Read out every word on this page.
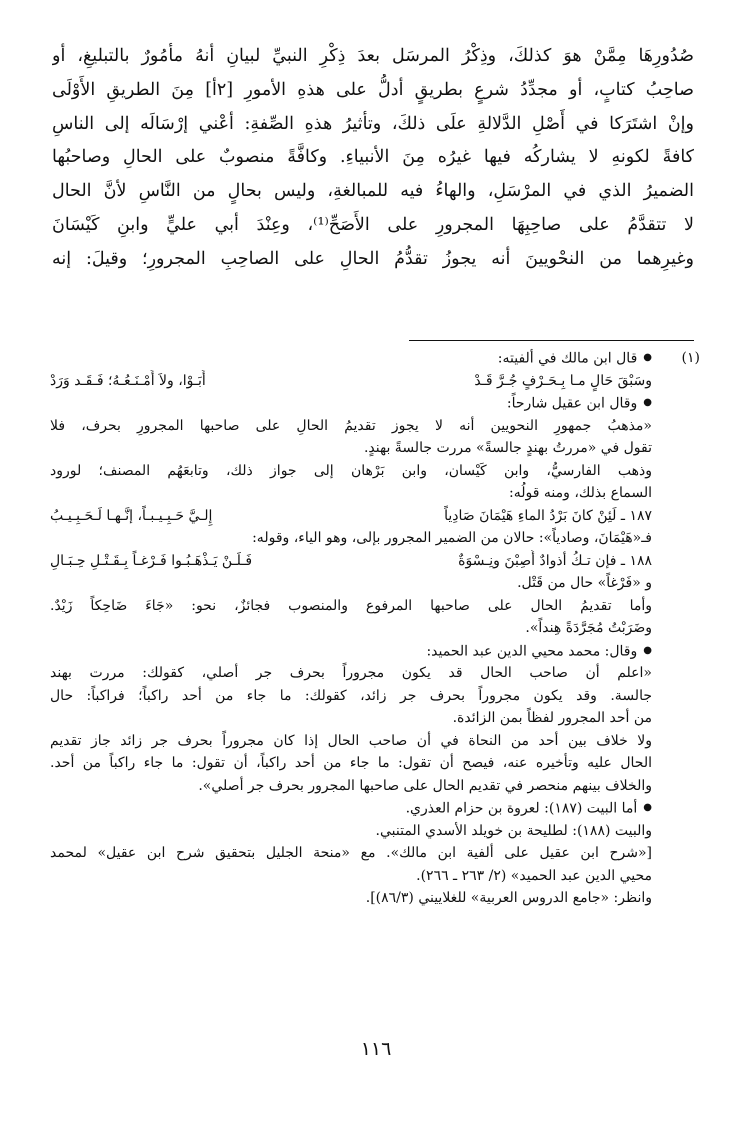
صُدُورِهَا مِمَّنْ هوَ كذلكَ، وذِكْرُ المرسَل بعدَ ذِكْرِ النبيِّ لبيانِ أنهُ مأمُورٌ بالتبليغِ، أو
صاحِبُ كتابٍ، أو مجدِّدُ شرعٍ بطريقٍ أدلُّ على هذهِ الأمورِ [٢أ] مِنَ الطريقِ الأَوْلَى
وإنْ اشتَرَكا في أَصْلِ الدَّلالةِ علَى ذلكَ، وتأثيرُ هذهِ الصِّفةِ: أعْني إرْسَالَه إلى الناسِ
كافةً لكونهِ لا يشاركُه فيها غيرُه مِنَ الأنبياءِ. وكافَّةً منصوبٌ على الحالِ وصاحبُها
الضميرُ الذي في المرْسَلِ، والهاءُ فيه للمبالغةِ، وليس بحالٍ من النَّاسِ لأنَّ الحال
لا تتقدَّمُ على صاحِبِهَا المجرورِ على الأَصَحِّ⁽¹⁾، وعِنْدَ أبي عليٍّ وابنِ كَيْسَانَ
وغيرِهما من النحْويينَ أنه يجوزُ تقدُّمُ الحالِ على الصاحِبِ المجرورِ؛ وقيلَ: إنه
(١)●قال ابن مالك في ألفيته:
وسَبْقَ حَالٍ مـا بِـحَـرْفٍ جُـرَّ قَـدْ
أَبَـوْا، ولاَ أَمْـنَـعُـهُ؛ فَـقَـد وَرَدْ
●وقال ابن عقيل شارحاً:
«مذهبُ جمهورِ النحويين أنه لا يجوز تقديمُ الحالِ على صاحبها المجرورِ بحرف، فلا
تقول في «مررتُ بهندٍ جالسةً» مررت جالسةً بهندٍ.
وذهب الفارسيُّ، وابن كَيْسان، وابن بَرْهان إلى جواز ذلك، وتابعَهُم المصنف؛ لورود
السماع بذلك، ومنه قولُه:
١٨٧ ـ لَئِنْ كانَ بَرْدُ الماءِ هَيْمَانَ صَادِياً
إِلـيَّ حَـبِـيـبـاً، إنَّـهـا لَـحَـبِـيـبُ
فـ«هَيْمَانَ، وصادياً»: حالان من الضمير المجرور بإلى، وهو الياء، وقوله:
١٨٨ ـ فإن تـكُ أذوادٌ أُصِبْنَ ونِـسْوَةٌ
فَـلَـنْ يَـذْهَـبُـوا فَـرْغـاً بِـقَـتْـلِ حِـبَـالِ
و «فَرْغاً» حال من قَتْل.
وأما تقديمُ الحال على صاحبها المرفوع والمنصوب فجائزٌ، نحو: «جَاءَ ضَاحِكاً زَيْدٌ.
وضَرَبْتُ مُجَرَّدَةً هِنداً».
●وقال: محمد محيي الدين عبد الحميد:
«اعلم أن صاحب الحال قد يكون مجروراً بحرف جر أصلي، كقولك: مررت بهند
جالسة. وقد يكون مجروراً بحرف جر زائد، كقولك: ما جاء من أحد راكباً؛ فراكباً: حال
من أحد المجرور لفظاً بمن الزائدة.
ولا خلاف بين أحد من النحاة في أن صاحب الحال إذا كان مجروراً بحرف جر زائد جاز تقديم
الحال عليه وتأخيره عنه، فيصح أن تقول: ما جاء من أحد راكباً، أن تقول: ما جاء راكباً من أحد.
والخلاف بينهم منحصر في تقديم الحال على صاحبها المجرور بحرف جر أصلي».
●أما البيت (١٨٧): لعروة بن حزام العذري.
والبيت (١٨٨): لطليحة بن خويلد الأسدي المتنبي.
[«شرح ابن عقيل على ألفية ابن مالك». مع «منحة الجليل بتحقيق شرح ابن عقيل» لمحمد
محيي الدين عبد الحميد» (٢/ ٢٦٣ ـ ٢٦٦).
وانظر: «جامع الدروس العربية» للغلاييني (٨٦/٣)].
١١٦
